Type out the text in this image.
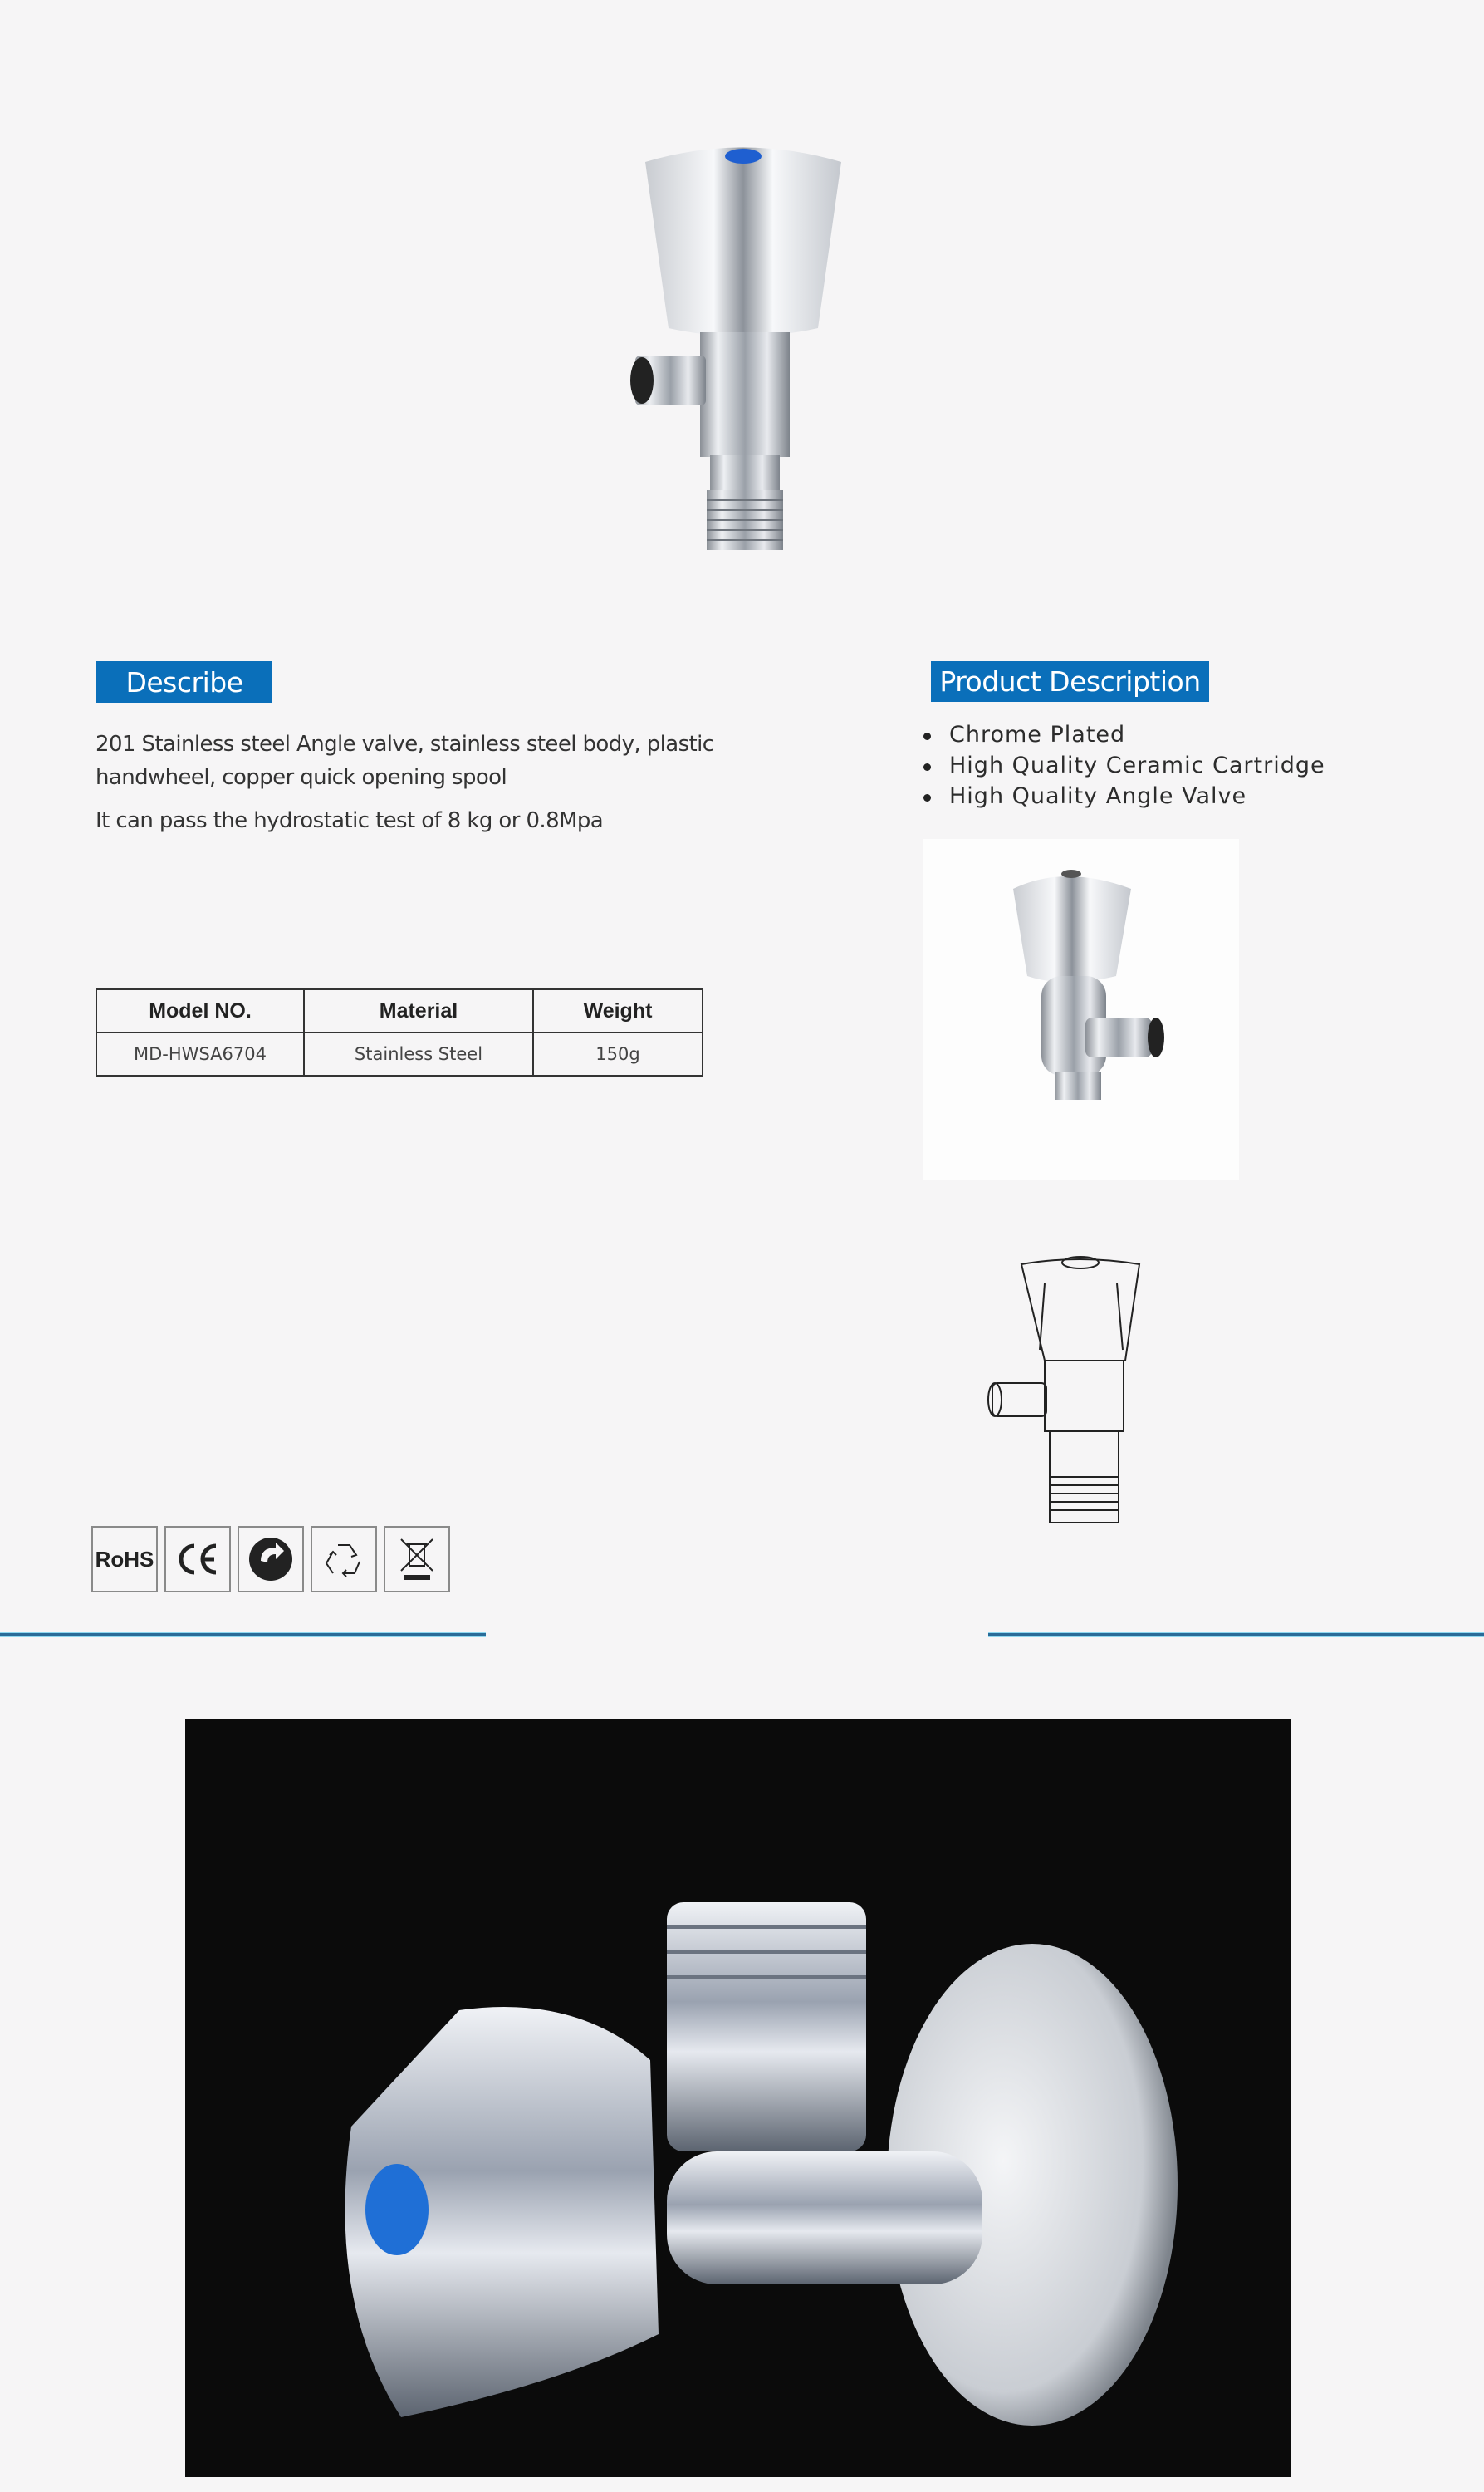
Describe
201 Stainless steel Angle valve, stainless steel body, plastic handwheel, copper quick opening spool
It can pass the hydrostatic test of 8 kg or 0.8Mpa
Product Description
Chrome Plated
High Quality Ceramic Cartridge
High Quality Angle Valve
Model NO.	Material	Weight
MD-HWSA6704	Stainless Steel	150g
RoHS
